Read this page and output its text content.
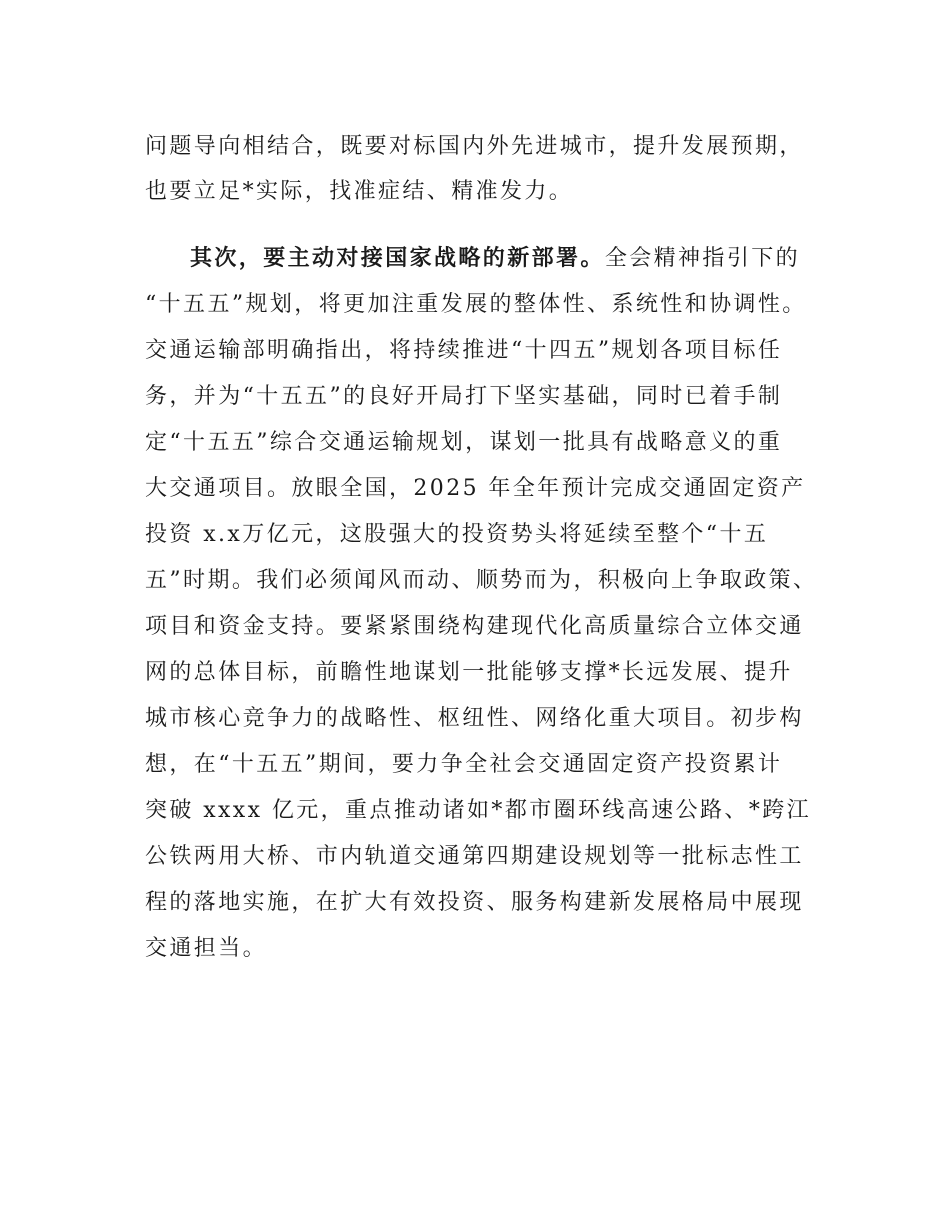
问题导向相结合，既要对标国内外先进城市，提升发展预期，
也要立足*实际，找准症结、精准发力。
其次，要主动对接国家战略的新部署。全会精神指引下的
“十五五”规划，将更加注重发展的整体性、系统性和协调性。
交通运输部明确指出，将持续推进“十四五”规划各项目标任
务，并为“十五五”的良好开局打下坚实基础，同时已着手制
定“十五五”综合交通运输规划，谋划一批具有战略意义的重
大交通项目。放眼全国，2025 年全年预计完成交通固定资产
投资 x.x万亿元，这股强大的投资势头将延续至整个“十五
五”时期。我们必须闻风而动、顺势而为，积极向上争取政策、
项目和资金支持。要紧紧围绕构建现代化高质量综合立体交通
网的总体目标，前瞻性地谋划一批能够支撑*长远发展、提升
城市核心竞争力的战略性、枢纽性、网络化重大项目。初步构
想，在“十五五”期间，要力争全社会交通固定资产投资累计
突破 xxxx 亿元，重点推动诸如*都市圈环线高速公路、*跨江
公铁两用大桥、市内轨道交通第四期建设规划等一批标志性工
程的落地实施，在扩大有效投资、服务构建新发展格局中展现
交通担当。
